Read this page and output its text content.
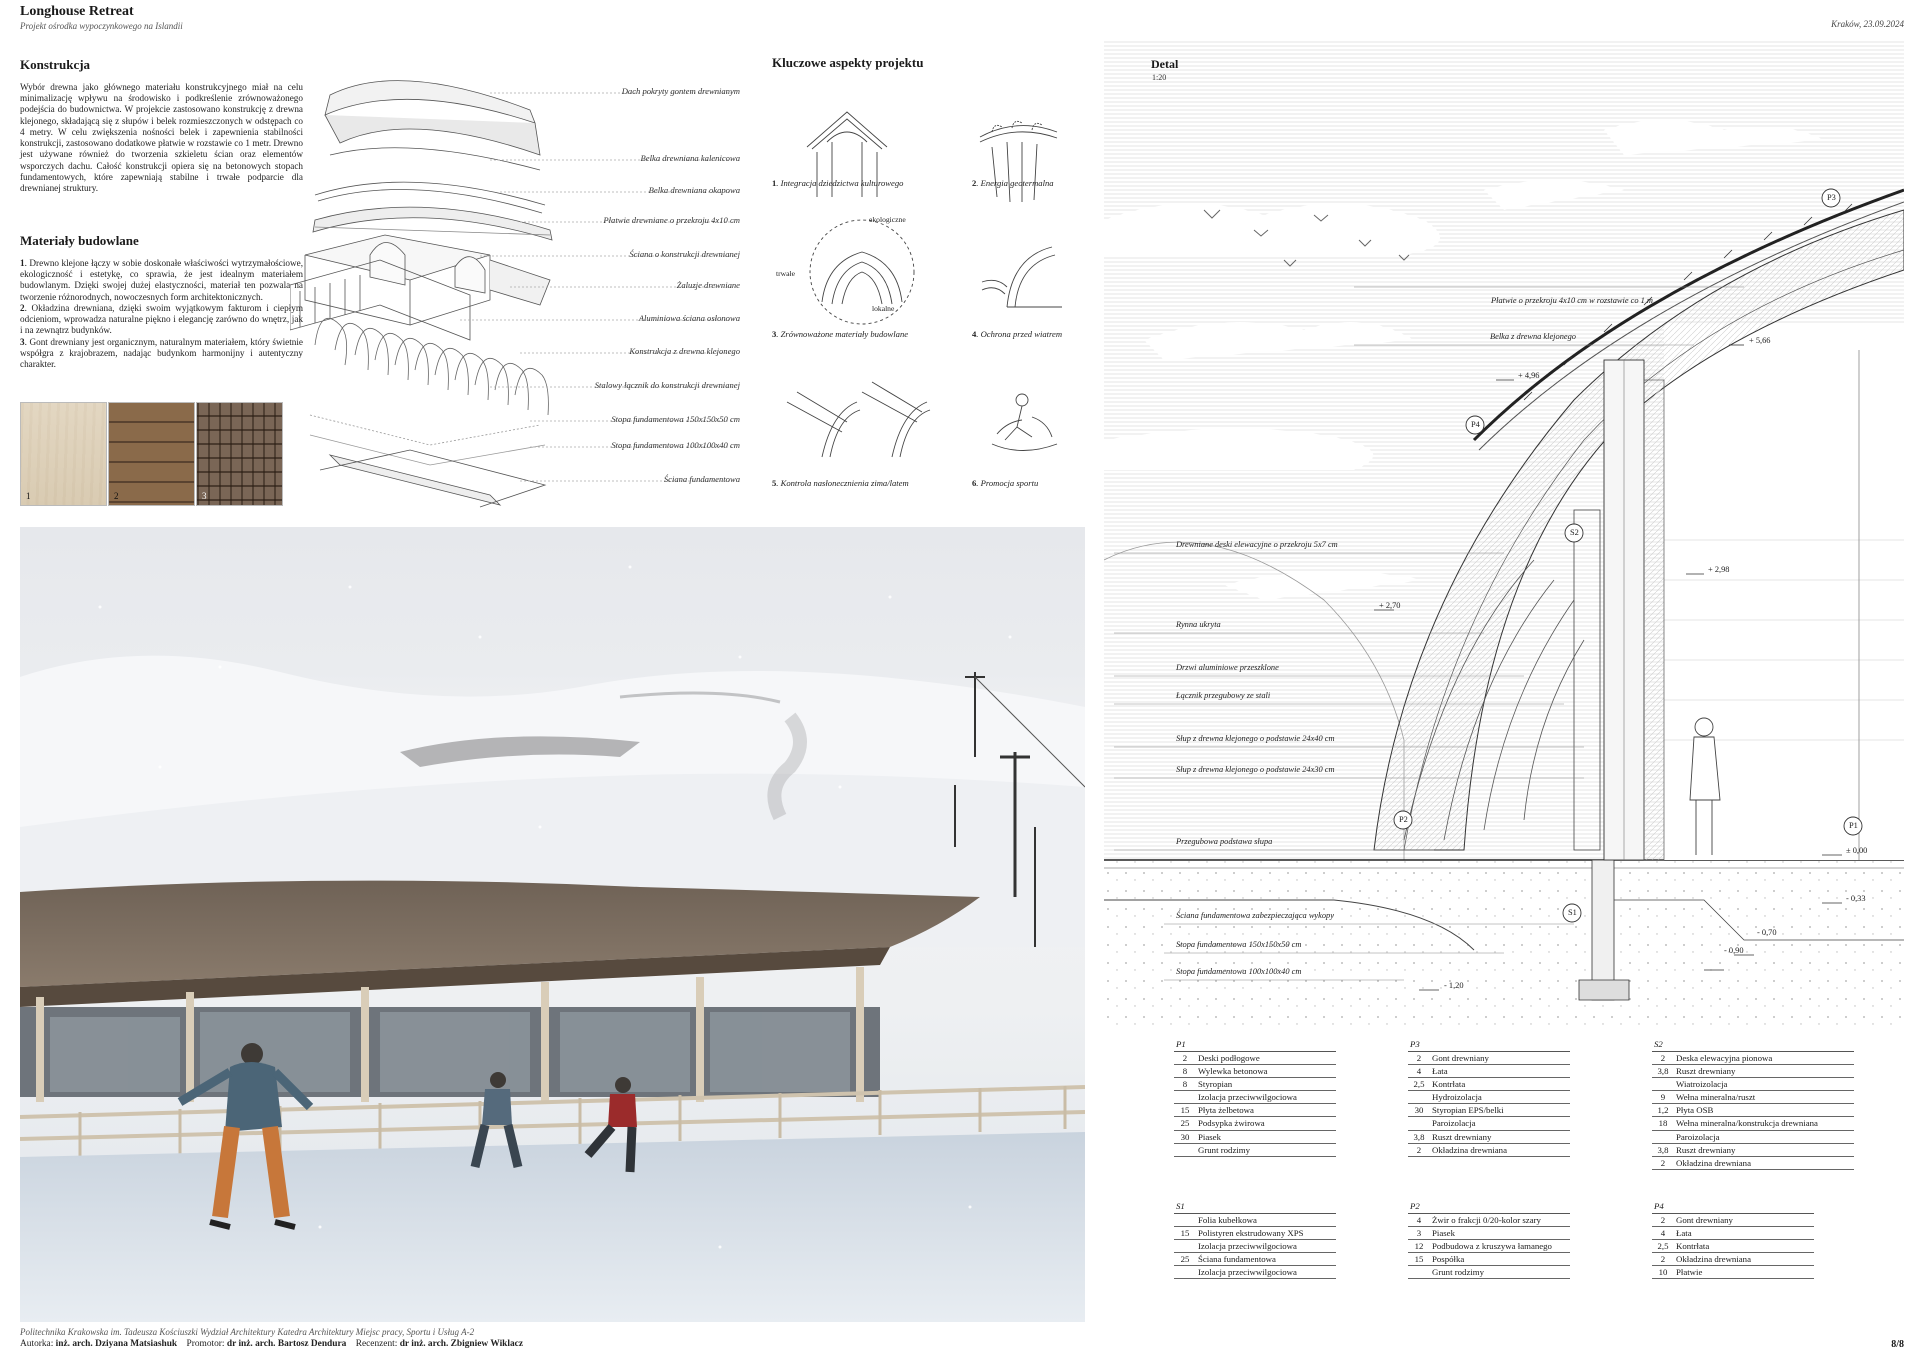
Longhouse Retreat
Projekt ośrodka wypoczynkowego na Islandii	Kraków, 23.09.2024
Konstrukcja
Wybór drewna jako głównego materiału konstrukcyjnego miał na celu minimalizację wpływu na środowisko i podkreślenie zrównoważonego podejścia do budownictwa. W projekcie zastosowano konstrukcję z drewna klejonego, składającą się z słupów i belek rozmieszczonych w odstępach co 4 metry. W celu zwiększenia nośności belek i zapewnienia stabilności konstrukcji, zastosowano dodatkowe płatwie w rozstawie co 1 metr. Drewno jest używane również do tworzenia szkieletu ścian oraz elementów wsporczych dachu. Całość konstrukcji opiera się na betonowych stopach fundamentowych, które zapewniają stabilne i trwałe podparcie dla drewnianej struktury.
Materiały budowlane

1. Drewno klejone łączy w sobie doskonałe właściwości wytrzymałościowe, ekologiczność i estetykę, co sprawia, że jest idealnym materiałem budowlanym. Dzięki swojej dużej elastyczności, materiał ten pozwala na tworzenie różnorodnych, nowoczesnych form architektonicznych.

2. Okładzina drewniana, dzięki swoim wyjątkowym fakturom i ciepłym odcieniom, wprowadza naturalne piękno i elegancję zarówno do wnętrz, jak i na zewnątrz budynków.

3. Gont drewniany jest organicznym, naturalnym materiałem, który świetnie współgra z krajobrazem, nadając budynkom harmonijny i autentyczny charakter.

1	2	3
Dach pokryty gontem drewnianym
Belka drewniana kalenicowa
Belka drewniana okapowa
Płatwie drewniane o przekroju 4x10 cm
Ściana o konstrukcji drewnianej
Żaluzje drewniane
Aluminiowa ściana osłonowa
Konstrukcja z drewna klejonego
Stalowy łącznik do konstrukcji drewnianej
Stopa fundamentowa 150x150x50 cm
Stopa fundamentowa 100x100x40 cm
Ściana fundamentowa
Kluczowe aspekty projektu
ekologiczne
trwałe
lokalne
1. Integracja dziedzictwa kulturowego	2. Energia geotermalna
3. Zrównoważone materiały budowlane	4. Ochrona przed wiatrem
5. Kontrola nasłonecznienia zima/latem	6. Promocja sportu
Detal
1:20
Płatwie o przekroju 4x10 cm w rozstawie co 1 m
Belka z drewna klejonego
Drewniane deski elewacyjne o przekroju 5x7 cm
Rynna ukryta
Drzwi aluminiowe przeszklone
Łącznik przegubowy ze stali
Słup z drewna klejonego o podstawie 24x40 cm
Słup z drewna klejonego o podstawie 24x30 cm
Przegubowa podstawa słupa
Ściana fundamentowa zabezpieczająca wykopy
Stopa fundamentowa 150x150x50 cm
Stopa fundamentowa 100x100x40 cm
P3
P4
S2
P2
S1
P1
+ 5,66
+ 4,96
+ 2,98
+ 2,70
± 0,00
- 0,33
- 0,70
- 0,90
- 1,20
P1
2	Deski podłogowe
8	Wylewka betonowa
8	Styropian
Izolacja przeciwwilgociowa
15 Płyta żelbetowa
25 Podsypka żwirowa
30 Piasek
Grunt rodzimy
P3
2	Gont drewniany
4	Łata
2,5 Kontrłata
Hydroizolacja
30 Styropian EPS/belki
Paroizolacja
3,8 Ruszt drewniany
2	Okładzina drewniana
S2
2	Deska elewacyjna pionowa
3,8 Ruszt drewniany
Wiatroizolacja
9	Wełna mineralna/ruszt
1,2 Płyta OSB
18 Wełna mineralna/konstrukcja drewniana
Paroizolacja
3,8 Ruszt drewniany
2	Okładzina drewniana
S1
Folia kubełkowa
15 Polistyren ekstrudowany XPS
Izolacja przeciwwilgociowa
25 Ściana fundamentowa
Izolacja przeciwwilgociowa
P2
4	Żwir o frakcji 0/20-kolor szary
3	Piasek
12 Podbudowa z kruszywa łamanego
15 Pospółka
Grunt rodzimy
P4
2	Gont drewniany
4	Łata
2,5 Kontrłata
2	Okładzina drewniana
10 Płatwie
Politechnika Krakowska im. Tadeusza Kościuszki Wydział Architektury Katedra Architektury Miejsc pracy, Sportu i Usług A-2
Autorka: inż. arch. Dziyana Matsiashuk Promotor: dr inż. arch. Bartosz Dendura Recenzent: dr inż. arch. Zbigniew Wiklacz	8/8
